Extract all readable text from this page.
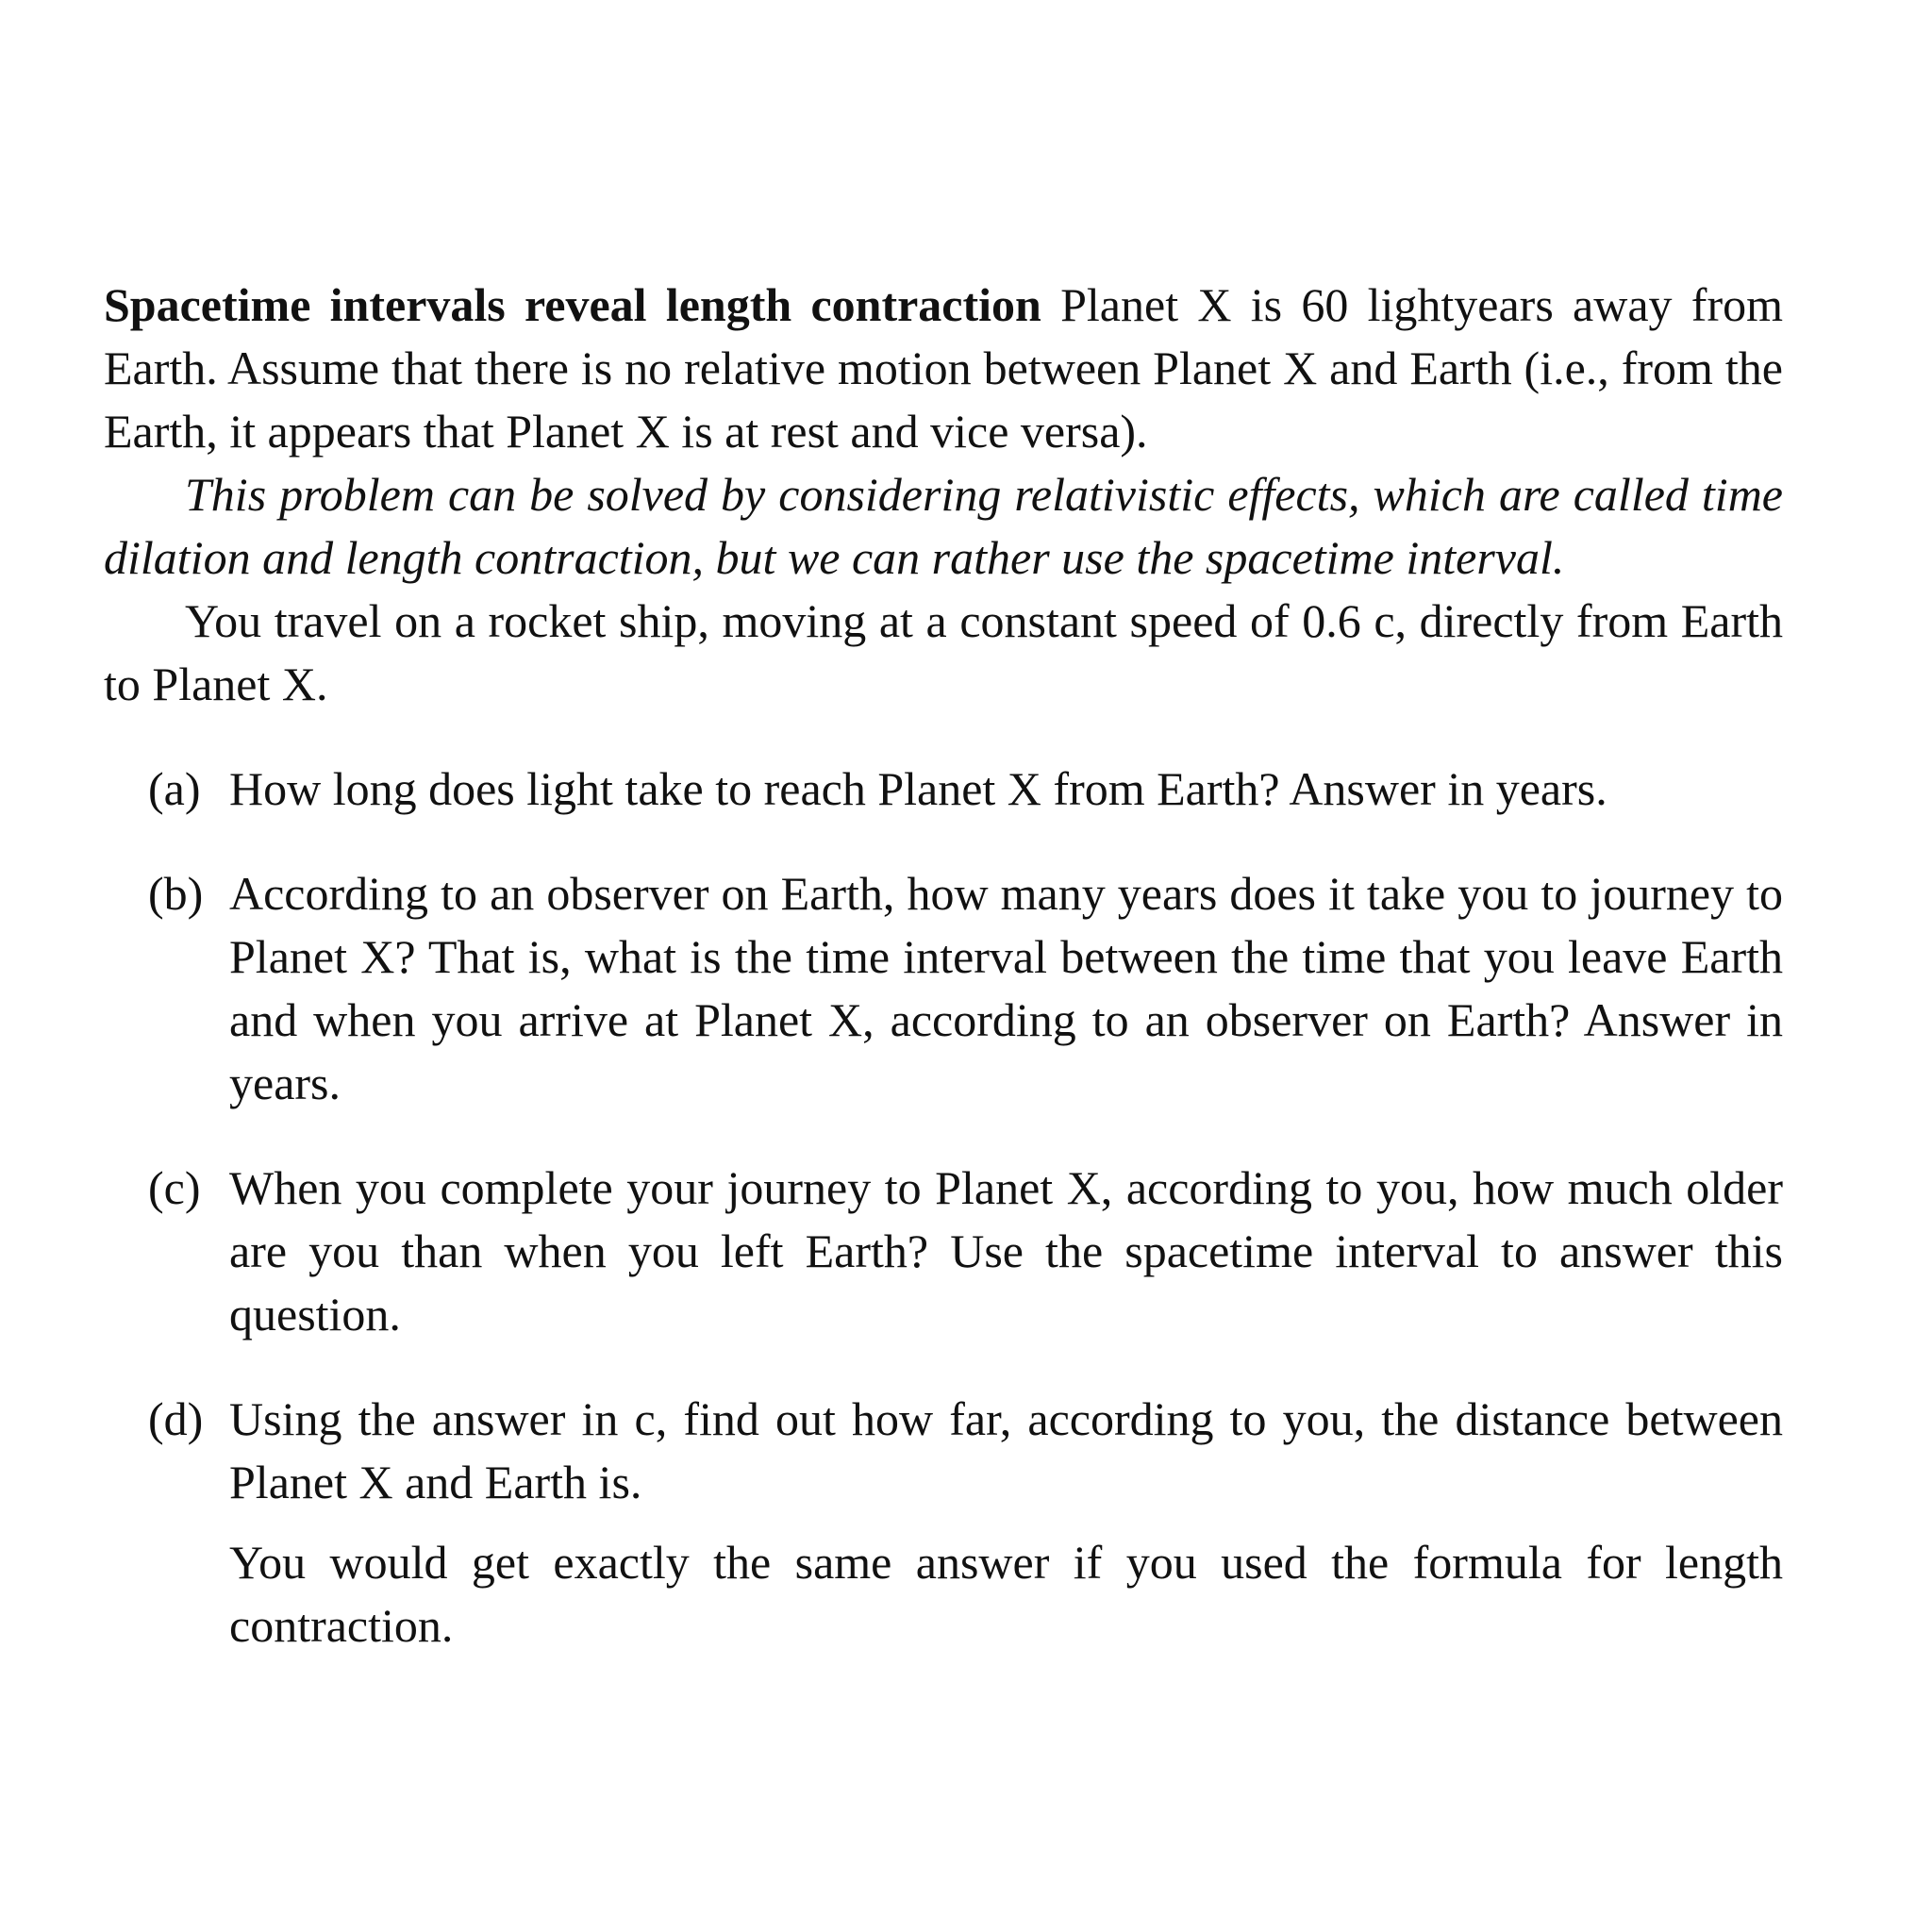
Spacetime intervals reveal length contraction Planet X is 60 lightyears away from Earth. Assume that there is no relative motion between Planet X and Earth (i.e., from the Earth, it appears that Planet X is at rest and vice versa).

This problem can be solved by considering relativistic effects, which are called time dilation and length contraction, but we can rather use the spacetime interval.

You travel on a rocket ship, moving at a constant speed of 0.6 c, directly from Earth to Planet X.

(a) How long does light take to reach Planet X from Earth? Answer in years.
(b) According to an observer on Earth, how many years does it take you to journey to Planet X? That is, what is the time interval between the time that you leave Earth and when you arrive at Planet X, according to an observer on Earth? Answer in years.
(c) When you complete your journey to Planet X, according to you, how much older are you than when you left Earth? Use the spacetime interval to answer this question.
(d) Using the answer in c, find out how far, according to you, the distance between Planet X and Earth is.

You would get exactly the same answer if you used the formula for length contraction.
